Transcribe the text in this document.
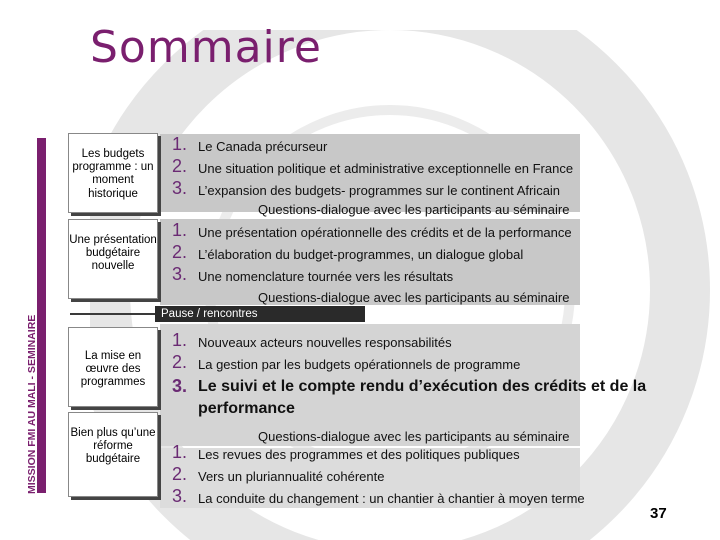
Sommaire
MISSION FMI AU MALI - SEMINAIRE
Les budgets programme : un moment historique
Une présentation budgétaire nouvelle
La mise en œuvre des programmes
Bien plus qu’une réforme budgétaire
1. Le Canada précurseur
2. Une situation politique et administrative exceptionnelle en France
3. L’expansion des budgets- programmes sur le continent Africain
Questions-dialogue avec les participants au séminaire
1. Une présentation opérationnelle des crédits et de la performance
2. L’élaboration du budget-programmes, un dialogue global
3. Une nomenclature tournée vers les résultats
Questions-dialogue avec les participants au séminaire
Pause / rencontres
1. Nouveaux acteurs nouvelles responsabilités
2. La gestion par les budgets opérationnels de programme
3. Le suivi et le compte rendu d’exécution des crédits et de la performance
Questions-dialogue avec les participants au séminaire
1. Les revues des programmes et des politiques publiques
2. Vers un pluriannualité cohérente
3. La conduite du changement : un chantier à chantier à moyen terme
37
